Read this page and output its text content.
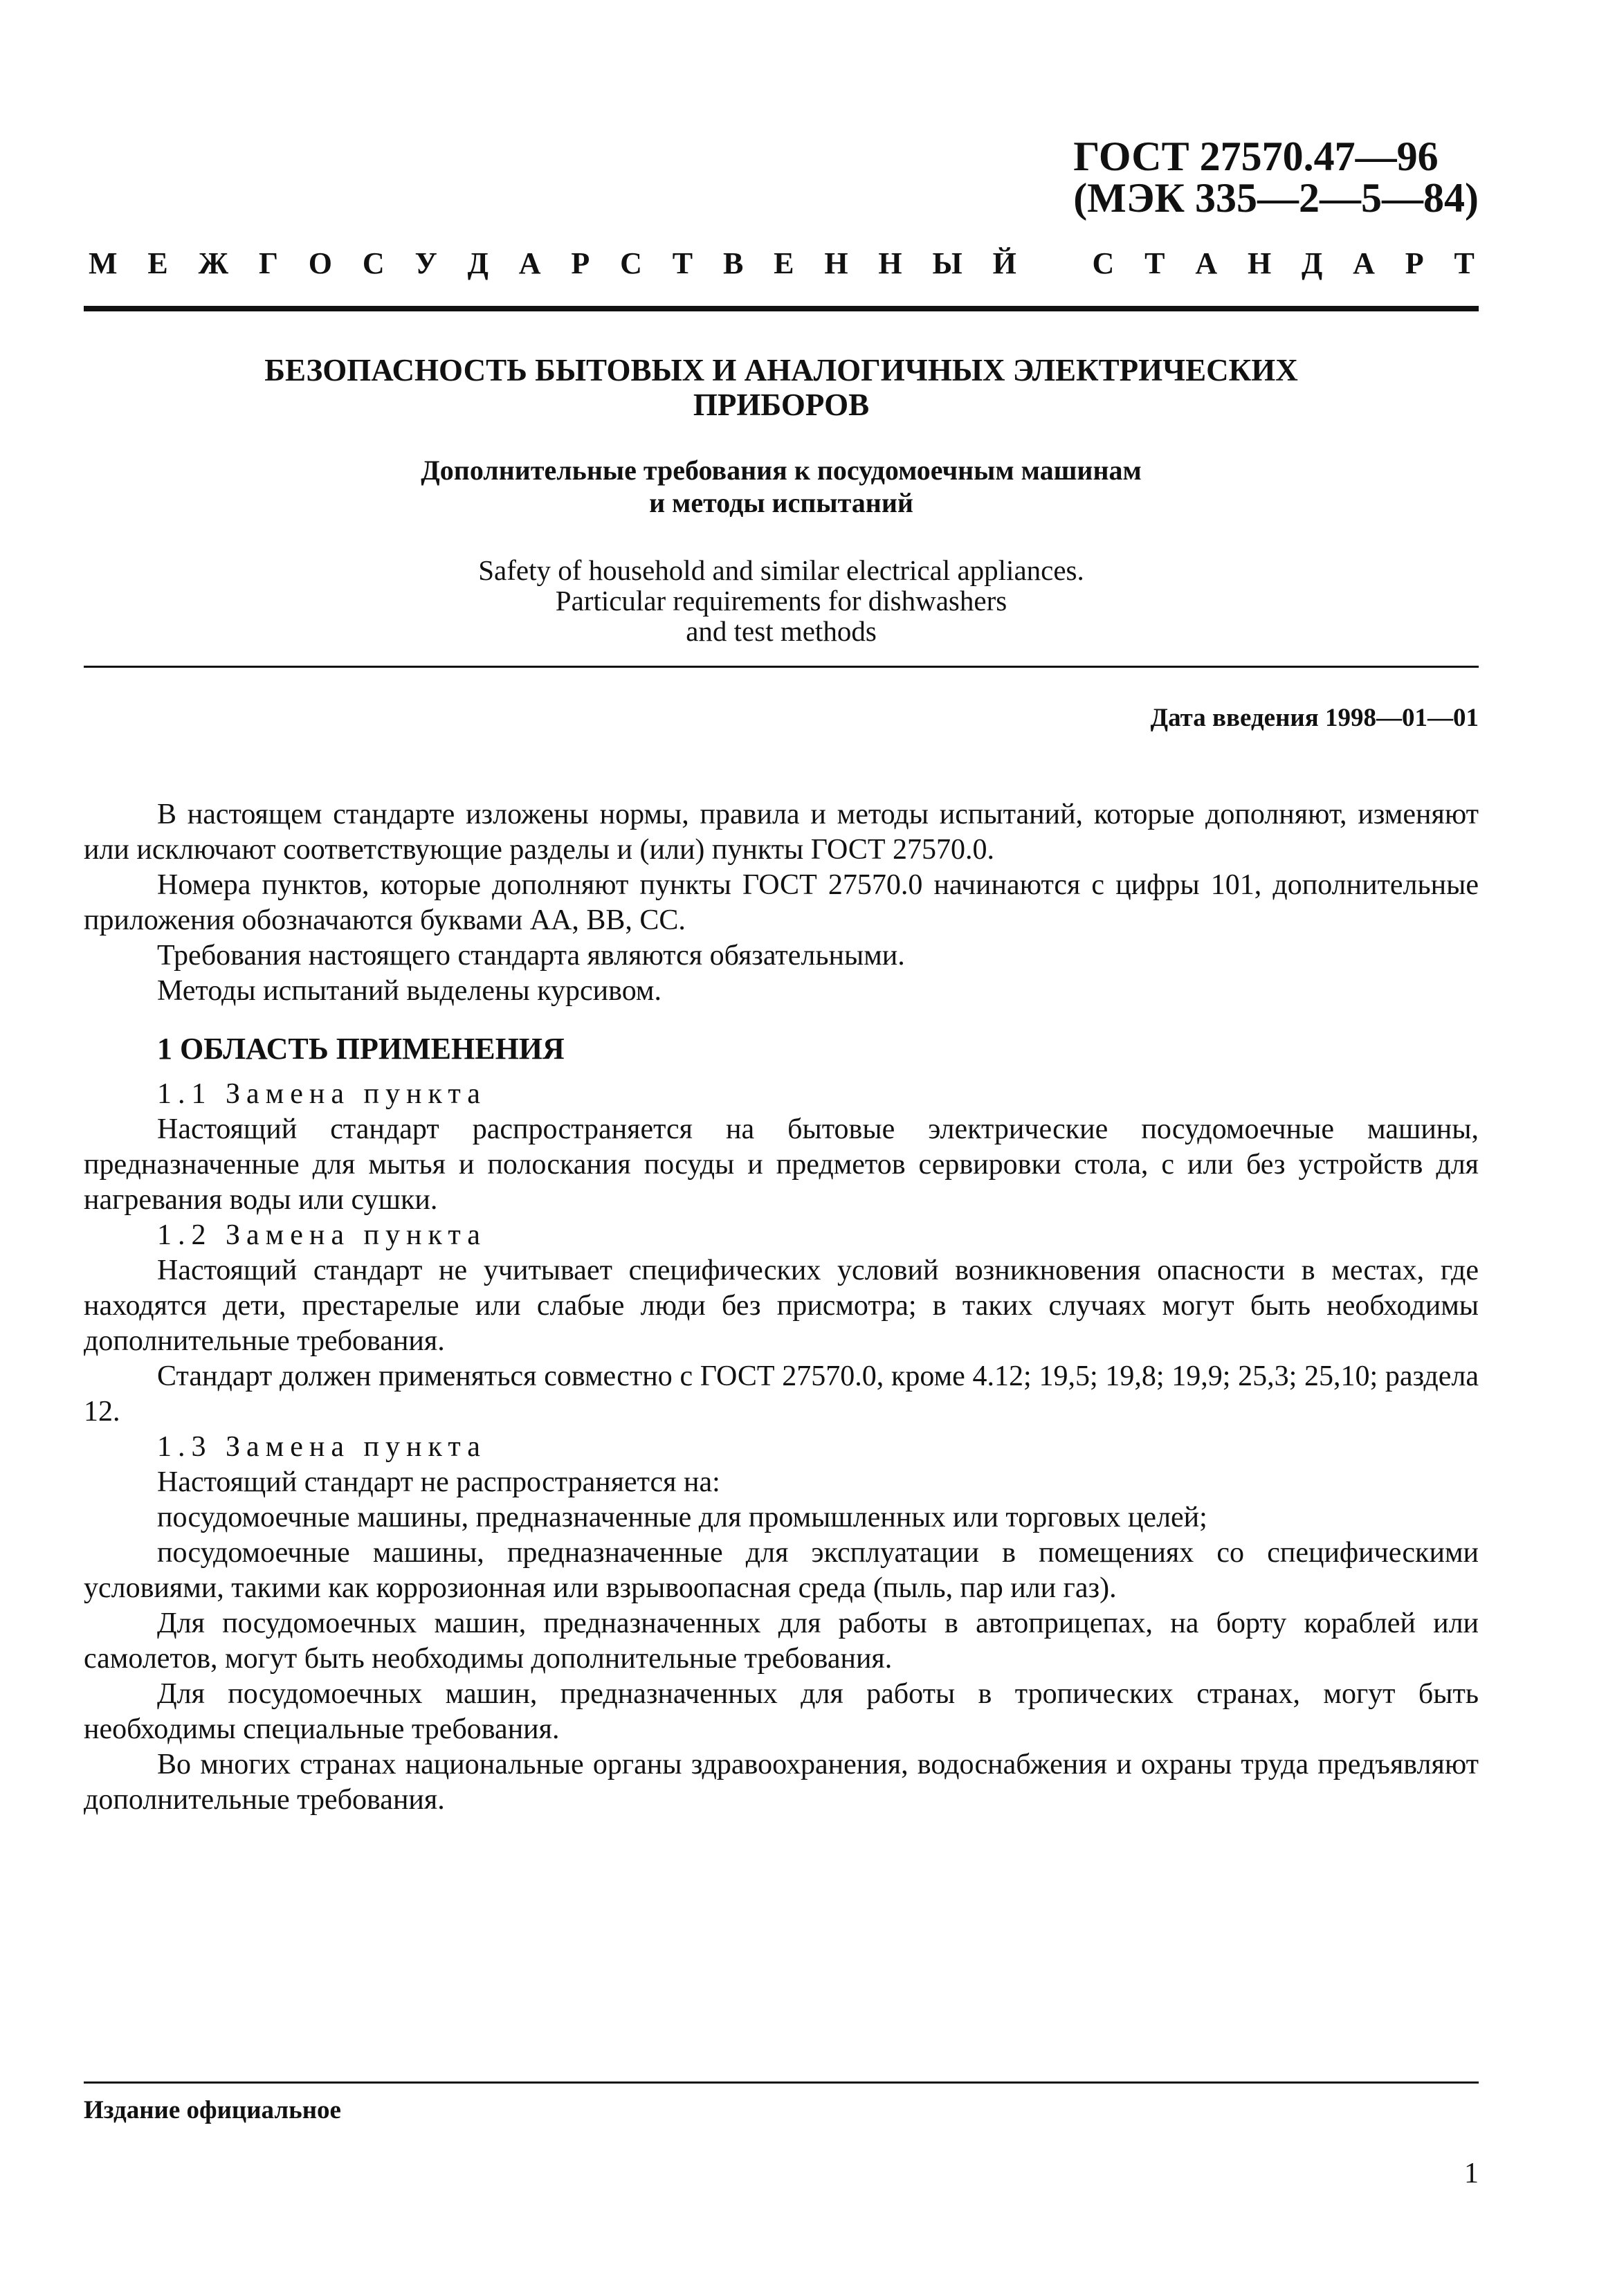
ГОСТ 27570.47—96
(МЭК 335—2—5—84)
М Е Ж Г О С У Д А Р С Т В Е Н Н Ы Й
С Т А Н Д А Р Т
БЕЗОПАСНОСТЬ БЫТОВЫХ И АНАЛОГИЧНЫХ ЭЛЕКТРИЧЕСКИХ
ПРИБОРОВ
Дополнительные требования к посудомоечным машинам
и методы испытаний
Safety of household and similar electrical appliances.
Particular requirements for dishwashers
and test methods
Дата введения 1998—01—01

В настоящем стандарте изложены нормы, правила и методы испытаний, которые дополняют, изменяют или исключают соответствующие разделы и (или) пункты ГОСТ 27570.0.

Номера пунктов, которые дополняют пункты ГОСТ 27570.0 начинаются с цифры 101, дополнительные приложения обозначаются буквами АА, ВВ, СС.

Требования настоящего стандарта являются обязательными.

Методы испытаний выделены курсивом.

1 ОБЛАСТЬ ПРИМЕНЕНИЯ

1.1 Замена пункта

Настоящий стандарт распространяется на бытовые электрические посудомоечные машины, предназначенные для мытья и полоскания посуды и предметов сервировки стола, с или без устройств для нагревания воды или сушки.

1.2 Замена пункта

Настоящий стандарт не учитывает специфических условий возникновения опасности в местах, где находятся дети, престарелые или слабые люди без присмотра; в таких случаях могут быть необходимы дополнительные требования.

Стандарт должен применяться совместно с ГОСТ 27570.0, кроме 4.12; 19,5; 19,8; 19,9; 25,3; 25,10; раздела 12.

1.3 Замена пункта

Настоящий стандарт не распространяется на:

посудомоечные машины, предназначенные для промышленных или торговых целей;

посудомоечные машины, предназначенные для эксплуатации в помещениях со специфическими условиями, такими как коррозионная или взрывоопасная среда (пыль, пар или газ).

Для посудомоечных машин, предназначенных для работы в автоприцепах, на борту кораблей или самолетов, могут быть необходимы дополнительные требования.

Для посудомоечных машин, предназначенных для работы в тропических странах, могут быть необходимы специальные требования.

Во многих странах национальные органы здравоохранения, водоснабжения и охраны труда предъявляют дополнительные требования.

Издание официальное
1
